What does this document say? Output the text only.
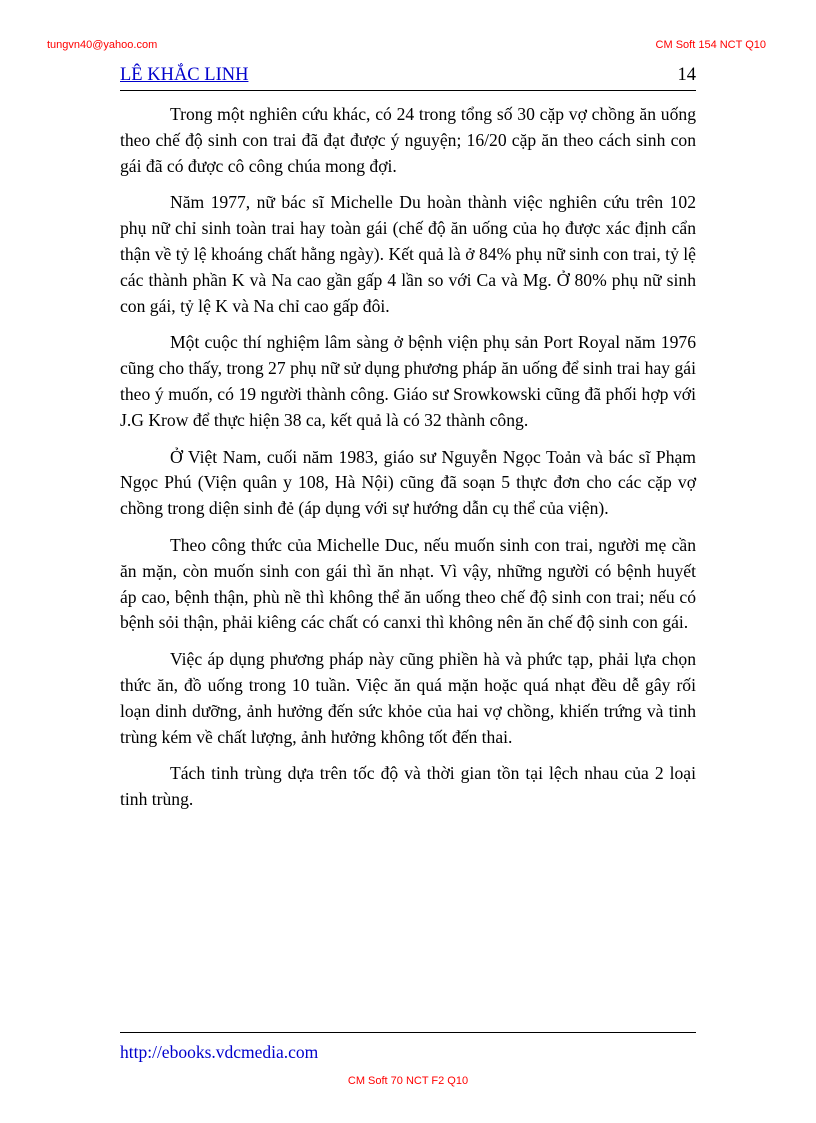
tungvn40@yahoo.com	CM Soft 154 NCT Q10
LÊ KHẮC LINH	14

Trong một nghiên cứu khác, có 24 trong tổng số 30 cặp vợ chồng ăn uống theo chế độ sinh con trai đã đạt được ý nguyện; 16/20 cặp ăn theo cách sinh con gái đã có được cô công chúa mong đợi.

Năm 1977, nữ bác sĩ Michelle Du hoàn thành việc nghiên cứu trên 102 phụ nữ chỉ sinh toàn trai hay toàn gái (chế độ ăn uống của họ được xác định cẩn thận về tỷ lệ khoáng chất hằng ngày). Kết quả là ở 84% phụ nữ sinh con trai, tỷ lệ các thành phần K và Na cao gần gấp 4 lần so với Ca và Mg. Ở 80% phụ nữ sinh con gái, tỷ lệ K và Na chỉ cao gấp đôi.

Một cuộc thí nghiệm lâm sàng ở bệnh viện phụ sản Port Royal năm 1976 cũng cho thấy, trong 27 phụ nữ sử dụng phương pháp ăn uống để sinh trai hay gái theo ý muốn, có 19 người thành công. Giáo sư Srowkowski cũng đã phối hợp với J.G Krow để thực hiện 38 ca, kết quả là có 32 thành công.

Ở Việt Nam, cuối năm 1983, giáo sư Nguyễn Ngọc Toản và bác sĩ Phạm Ngọc Phú (Viện quân y 108, Hà Nội) cũng đã soạn 5 thực đơn cho các cặp vợ chồng trong diện sinh đẻ (áp dụng với sự hướng dẫn cụ thể của viện).

Theo công thức của Michelle Duc, nếu muốn sinh con trai, người mẹ cần ăn mặn, còn muốn sinh con gái thì ăn nhạt. Vì vậy, những người có bệnh huyết áp cao, bệnh thận, phù nề thì không thể ăn uống theo chế độ sinh con trai; nếu có bệnh sỏi thận, phải kiêng các chất có canxi thì không nên ăn chế độ sinh con gái.

Việc áp dụng phương pháp này cũng phiền hà và phức tạp, phải lựa chọn thức ăn, đồ uống trong 10 tuần. Việc ăn quá mặn hoặc quá nhạt đều dễ gây rối loạn dinh dưỡng, ảnh hưởng đến sức khỏe của hai vợ chồng, khiến trứng và tinh trùng kém về chất lượng, ảnh hưởng không tốt đến thai.

Tách tinh trùng dựa trên tốc độ và thời gian tồn tại lệch nhau của 2 loại tinh trùng.

http://ebooks.vdcmedia.com
CM Soft 70 NCT F2 Q10
